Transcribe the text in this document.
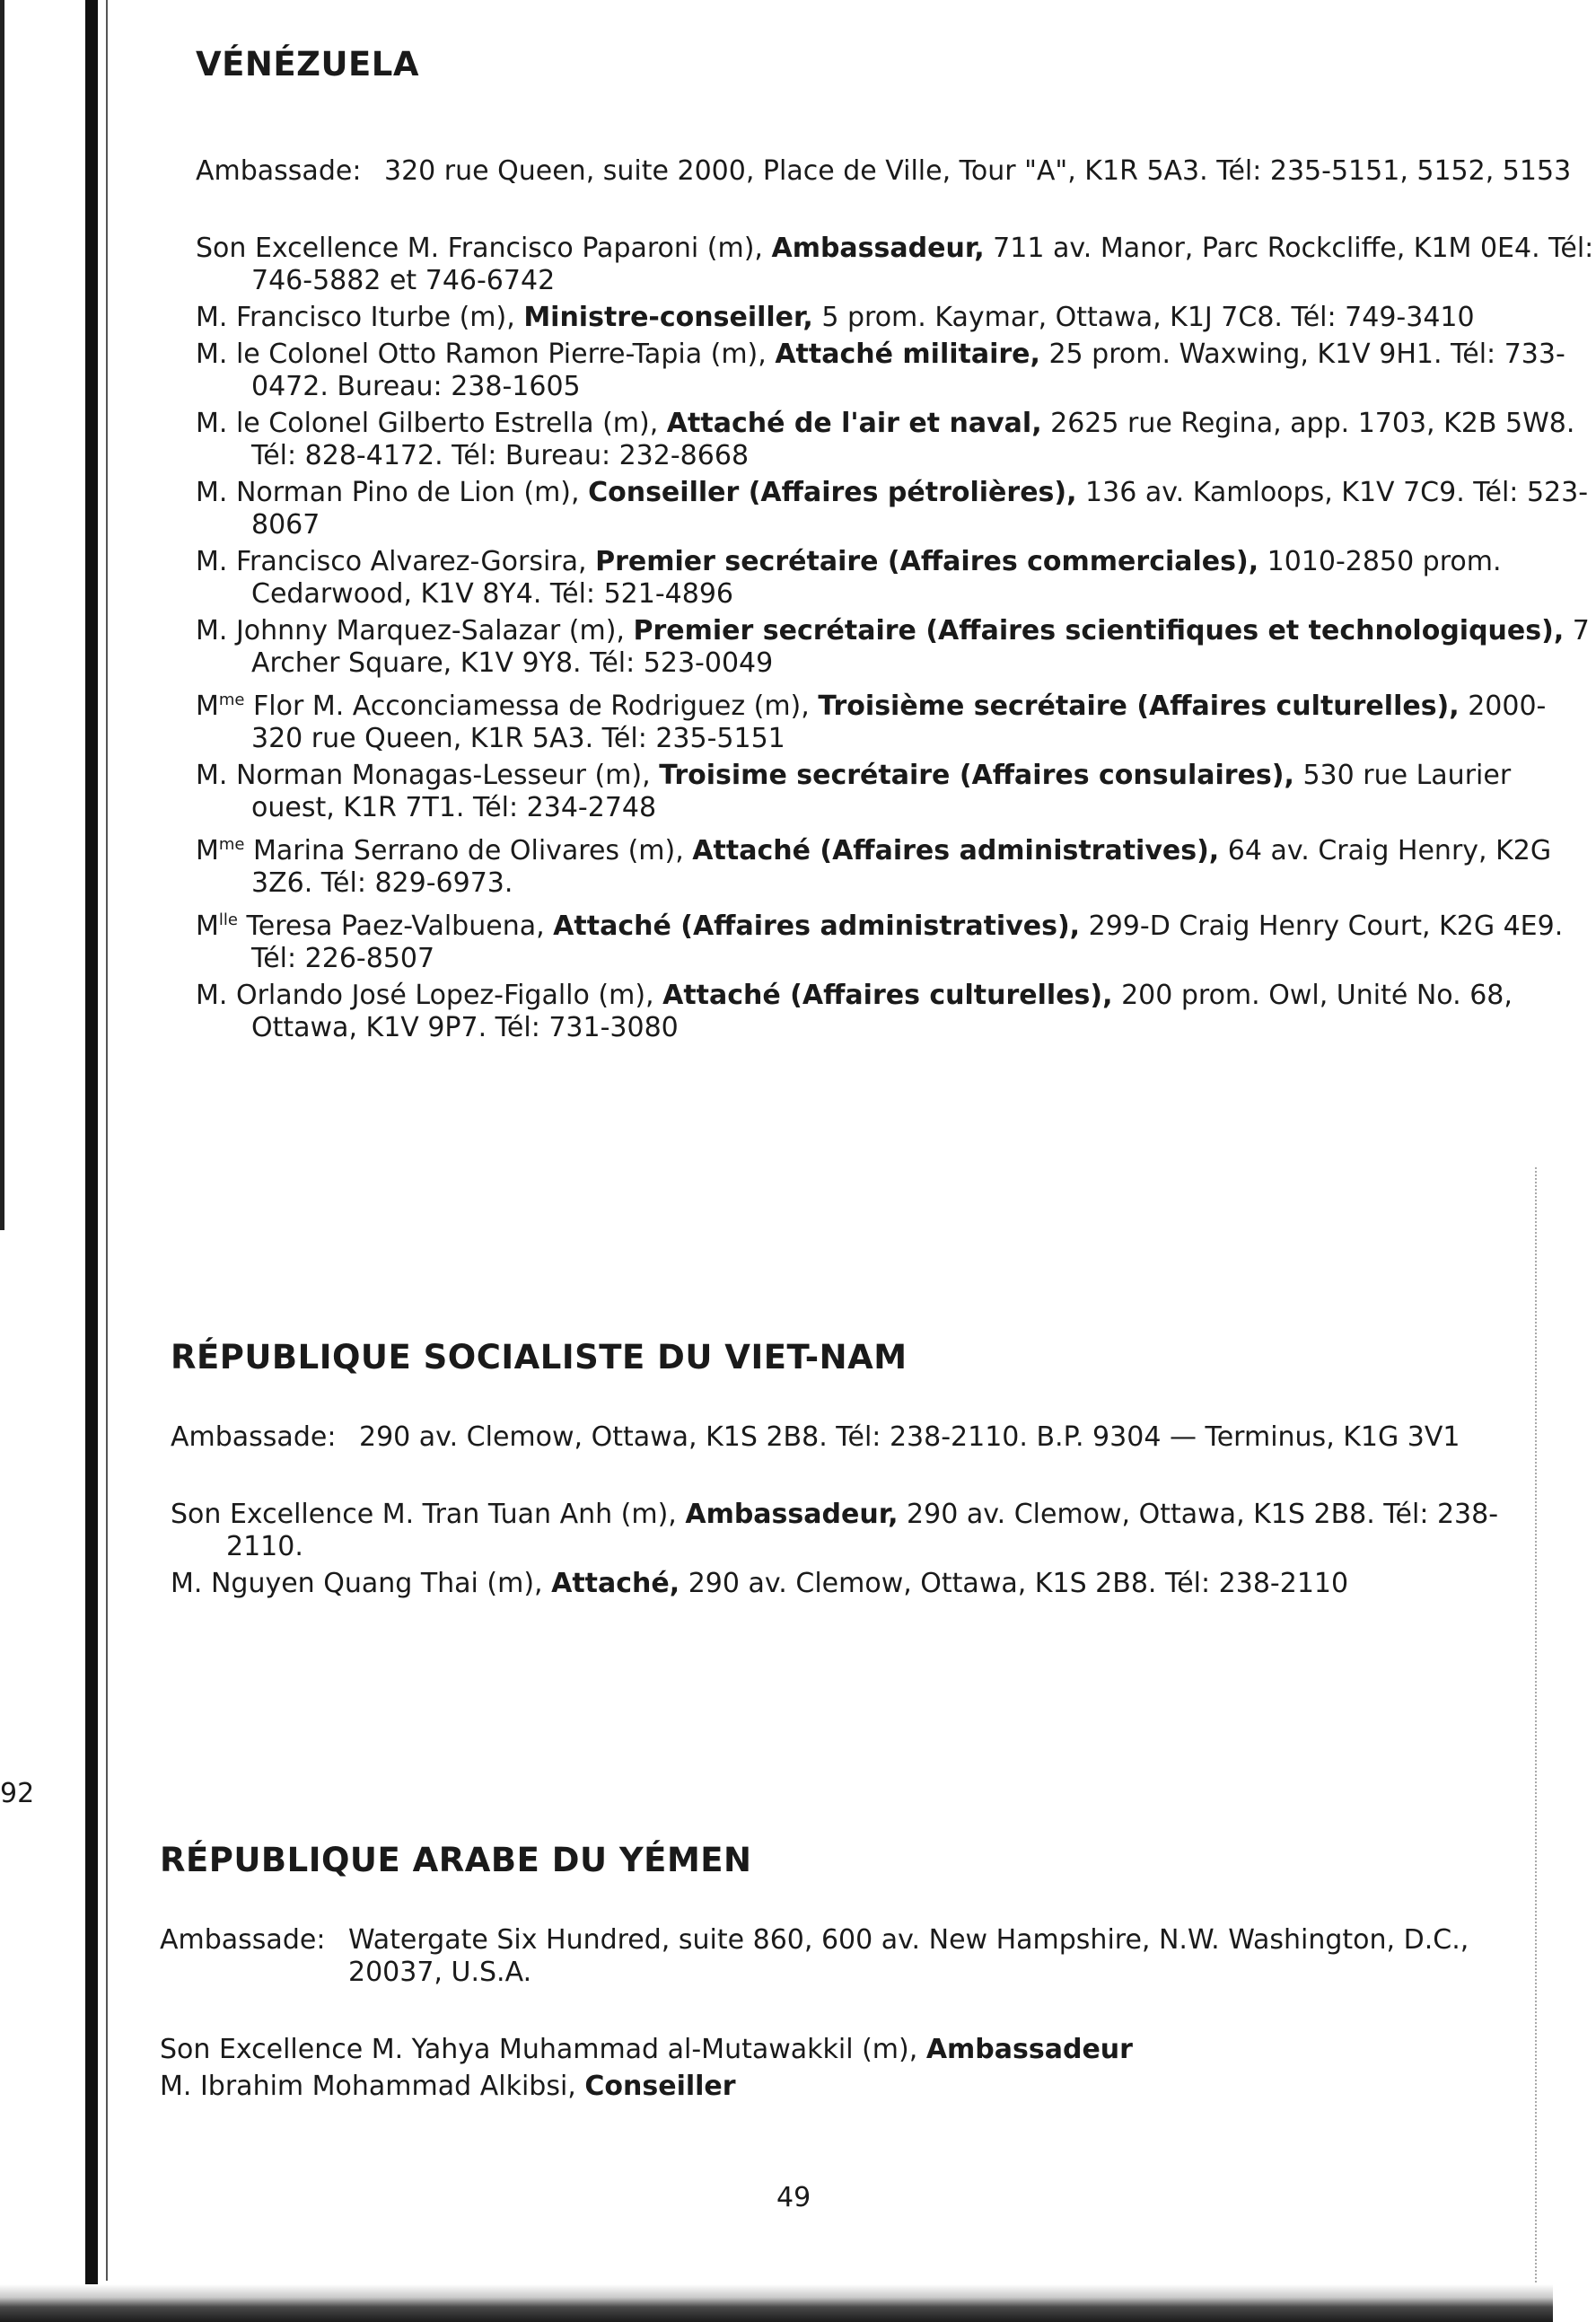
92
VÉNÉZUELA
Ambassade: 320 rue Queen, suite 2000, Place de Ville, Tour "A", K1R 5A3. Tél: 235-5151, 5152, 5153

Son Excellence M. Francisco Paparoni (m), Ambassadeur, 711 av. Manor, Parc Rockcliffe, K1M 0E4. Tél: 746-5882 et 746-6742

M. Francisco Iturbe (m), Ministre-conseiller, 5 prom. Kaymar, Ottawa, K1J 7C8. Tél: 749-3410

M. le Colonel Otto Ramon Pierre-Tapia (m), Attaché militaire, 25 prom. Waxwing, K1V 9H1. Tél: 733-0472. Bureau: 238-1605

M. le Colonel Gilberto Estrella (m), Attaché de l'air et naval, 2625 rue Regina, app. 1703, K2B 5W8. Tél: 828-4172. Tél: Bureau: 232-8668

M. Norman Pino de Lion (m), Conseiller (Affaires pétrolières), 136 av. Kamloops, K1V 7C9. Tél: 523-8067

M. Francisco Alvarez-Gorsira, Premier secrétaire (Affaires commerciales), 1010-2850 prom. Cedarwood, K1V 8Y4. Tél: 521-4896

M. Johnny Marquez-Salazar (m), Premier secrétaire (Affaires scientifiques et technologiques), 7 Archer Square, K1V 9Y8. Tél: 523-0049

$M^{me}$ Flor M. Acconciamessa de Rodriguez (m), Troisième secrétaire (Affaires culturelles), 2000-320 rue Queen, K1R 5A3. Tél: 235-5151

M. Norman Monagas-Lesseur (m), Troisime secrétaire (Affaires consulaires), 530 rue Laurier ouest, K1R 7T1. Tél: 234-2748

$M^{me}$ Marina Serrano de Olivares (m), Attaché (Affaires administratives), 64 av. Craig Henry, K2G 3Z6. Tél: 829-6973.

$M^{lle}$ Teresa Paez-Valbuena, Attaché (Affaires administratives), 299-D Craig Henry Court, K2G 4E9. Tél: 226-8507

M. Orlando José Lopez-Figallo (m), Attaché (Affaires culturelles), 200 prom. Owl, Unité No. 68, Ottawa, K1V 9P7. Tél: 731-3080

RÉPUBLIQUE SOCIALISTE DU VIET-NAM
Ambassade: 290 av. Clemow, Ottawa, K1S 2B8. Tél: 238-2110. B.P. 9304 — Terminus, K1G 3V1

Son Excellence M. Tran Tuan Anh (m), Ambassadeur, 290 av. Clemow, Ottawa, K1S 2B8. Tél: 238-2110.

M. Nguyen Quang Thai (m), Attaché, 290 av. Clemow, Ottawa, K1S 2B8. Tél: 238-2110

RÉPUBLIQUE ARABE DU YÉMEN
Ambassade: Watergate Six Hundred, suite 860, 600 av. New Hampshire, N.W. Washington, D.C., 20037, U.S.A.

Son Excellence M. Yahya Muhammad al-Mutawakkil (m), Ambassadeur

M. Ibrahim Mohammad Alkibsi, Conseiller

49
